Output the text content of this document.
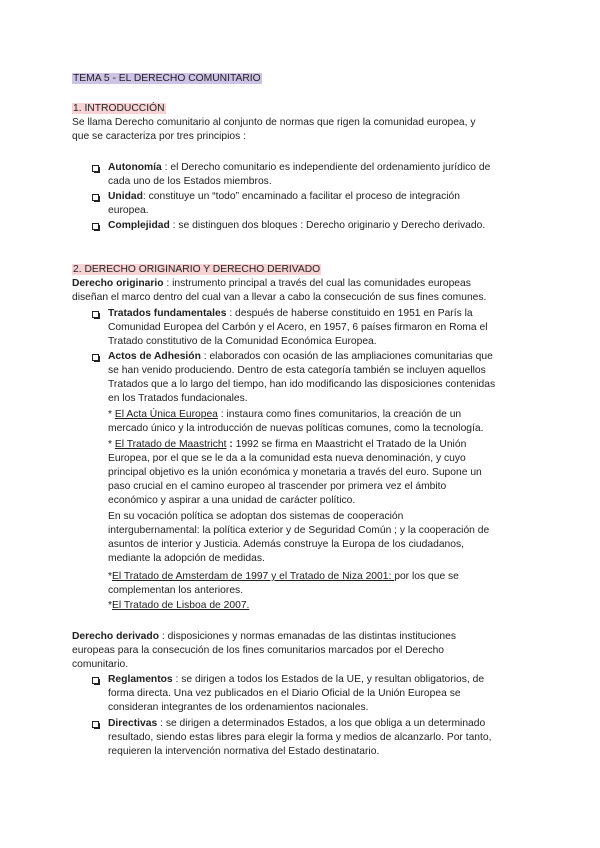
TEMA 5 - EL DERECHO COMUNITARIO
1. INTRODUCCIÓN
Se llama Derecho comunitario al conjunto de normas que rigen la comunidad europea, y
que se caracteriza por tres principios :
Autonomía : el Derecho comunitario es independiente del ordenamiento jurídico de
cada uno de los Estados miembros.
Unidad: constituye un “todo” encaminado a facilitar el proceso de integración
europea.
Complejidad : se distinguen dos bloques : Derecho originario y Derecho derivado.
2. DERECHO ORIGINARIO Y DERECHO DERIVADO
Derecho originario : instrumento principal a través del cual las comunidades europeas
diseñan el marco dentro del cual van a llevar a cabo la consecución de sus fines comunes.
Tratados fundamentales : después de haberse constituido en 1951 en París la
Comunidad Europea del Carbón y el Acero, en 1957, 6 países firmaron en Roma el
Tratado constitutivo de la Comunidad Económica Europea.
Actos de Adhesión : elaborados con ocasión de las ampliaciones comunitarias que
se han venido produciendo. Dentro de esta categoría también se incluyen aquellos
Tratados que a lo largo del tiempo, han ido modificando las disposiciones contenidas
en los Tratados fundacionales.
* El Acta Única Europea : instaura como fines comunitarios, la creación de un
mercado único y la introducción de nuevas políticas comunes, como la tecnología.
* El Tratado de Maastricht : 1992 se firma en Maastricht el Tratado de la Unión
Europea, por el que se le da a la comunidad esta nueva denominación, y cuyo
principal objetivo es la unión económica y monetaria a través del euro. Supone un
paso crucial en el camino europeo al trascender por primera vez el ámbito
económico y aspirar a una unidad de carácter político.
En su vocación política se adoptan dos sistemas de cooperación
intergubernamental: la política exterior y de Seguridad Común ; y la cooperación de
asuntos de interior y Justicia. Además construye la Europa de los ciudadanos,
mediante la adopción de medidas.
*El Tratado de Amsterdam de 1997 y el Tratado de Niza 2001: por los que se
complementan los anteriores.
*El Tratado de Lisboa de 2007.
Derecho derivado : disposiciones y normas emanadas de las distintas instituciones
europeas para la consecución de los fines comunitarios marcados por el Derecho
comunitario.
Reglamentos : se dirigen a todos los Estados de la UE, y resultan obligatorios, de
forma directa. Una vez publicados en el Diario Oficial de la Unión Europea se
consideran integrantes de los ordenamientos nacionales.
Directivas : se dirigen a determinados Estados, a los que obliga a un determinado
resultado, siendo estas libres para elegir la forma y medios de alcanzarlo. Por tanto,
requieren la intervención normativa del Estado destinatario.
